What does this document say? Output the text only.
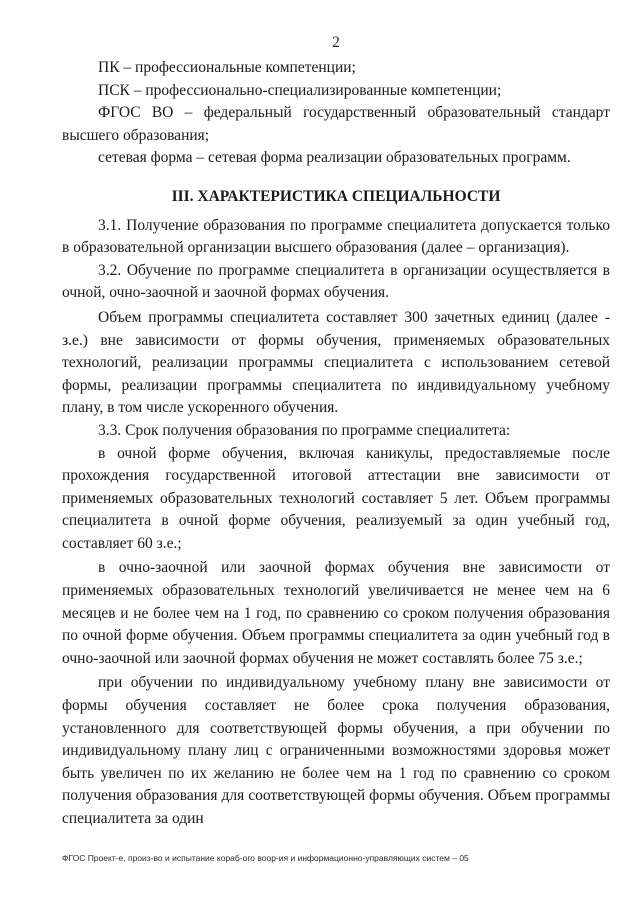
2

ПК – профессиональные компетенции;

ПСК – профессионально-специализированные компетенции;

ФГОС ВО – федеральный государственный образовательный стандарт высшего образования;

сетевая форма – сетевая форма реализации образовательных программ.

III. ХАРАКТЕРИСТИКА СПЕЦИАЛЬНОСТИ

3.1. Получение образования по программе специалитета допускается только в образовательной организации высшего образования (далее – организация).

3.2. Обучение по программе специалитета в организации осуществляется в очной, очно-заочной и заочной формах обучения.

Объем программы специалитета составляет 300 зачетных единиц (далее - з.е.) вне зависимости от формы обучения, применяемых образовательных технологий, реализации программы специалитета с использованием сетевой формы, реализации программы специалитета по индивидуальному учебному плану, в том числе ускоренного обучения.

3.3. Срок получения образования по программе специалитета:

в очной форме обучения, включая каникулы, предоставляемые после прохождения государственной итоговой аттестации вне зависимости от применяемых образовательных технологий составляет 5 лет. Объем программы специалитета в очной форме обучения, реализуемый за один учебный год, составляет 60 з.е.;

в очно-заочной или заочной формах обучения вне зависимости от применяемых образовательных технологий увеличивается не менее чем на 6 месяцев и не более чем на 1 год, по сравнению со сроком получения образования по очной форме обучения. Объем программы специалитета за один учебный год в очно-заочной или заочной формах обучения не может составлять более 75 з.е.;

при обучении по индивидуальному учебному плану вне зависимости от формы обучения составляет не более срока получения образования, установленного для соответствующей формы обучения, а при обучении по индивидуальному плану лиц с ограниченными возможностями здоровья может быть увеличен по их желанию не более чем на 1 год по сравнению со сроком получения образования для соответствующей формы обучения. Объем программы специалитета за один

ФГОС Проект-е, произ-во и испытание кораб-ого воор-ия и информационно-управляющих систем – 05
